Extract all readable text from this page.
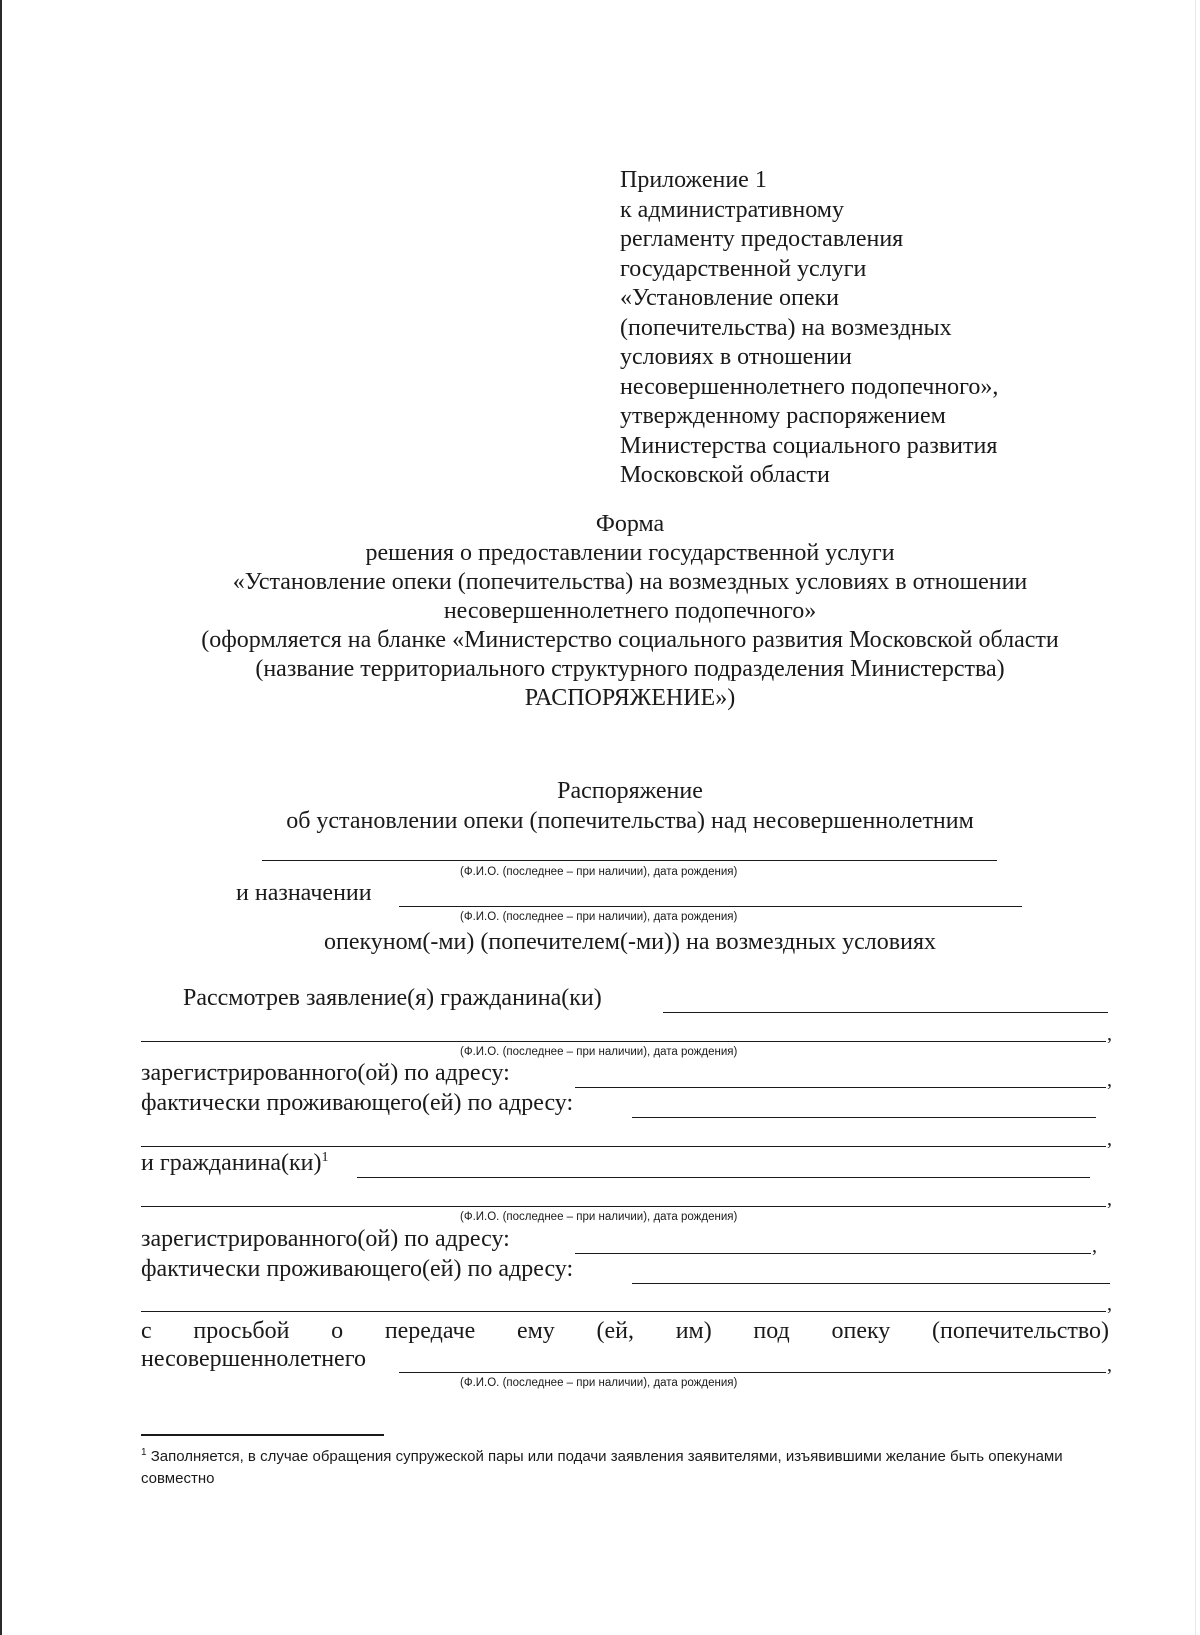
Приложение 1
к административному
регламенту предоставления
государственной услуги
«Установление опеки
(попечительства) на возмездных
условиях в отношении
несовершеннолетнего подопечного»,
утвержденному распоряжением
Министерства социального развития
Московской области
Форма
решения о предоставлении государственной услуги
«Установление опеки (попечительства) на возмездных условиях в отношении
несовершеннолетнего подопечного»
(оформляется на бланке «Министерство социального развития Московской области
(название территориального структурного подразделения Министерства)
РАСПОРЯЖЕНИЕ»)
Распоряжение
об установлении опеки (попечительства) над несовершеннолетним
(Ф.И.О. (последнее – при наличии), дата рождения)
и назначении
(Ф.И.О. (последнее – при наличии), дата рождения)
опекуном(-ми) (попечителем(-ми)) на возмездных условиях
Рассмотрев заявление(я) гражданина(ки)
,
(Ф.И.О. (последнее – при наличии), дата рождения)
зарегистрированного(ой) по адресу:	,
фактически проживающего(ей) по адресу:
,
и гражданина(ки)$^1$
,
(Ф.И.О. (последнее – при наличии), дата рождения)
зарегистрированного(ой) по адресу:	,
фактически проживающего(ей) по адресу:
,
с просьбой о передаче ему (ей, им) под опеку (попечительство)
несовершеннолетнего	,
(Ф.И.О. (последнее – при наличии), дата рождения)
$^1$ Заполняется, в случае обращения супружеской пары или подачи заявления заявителями, изъявившими желание быть опекунами совместно
